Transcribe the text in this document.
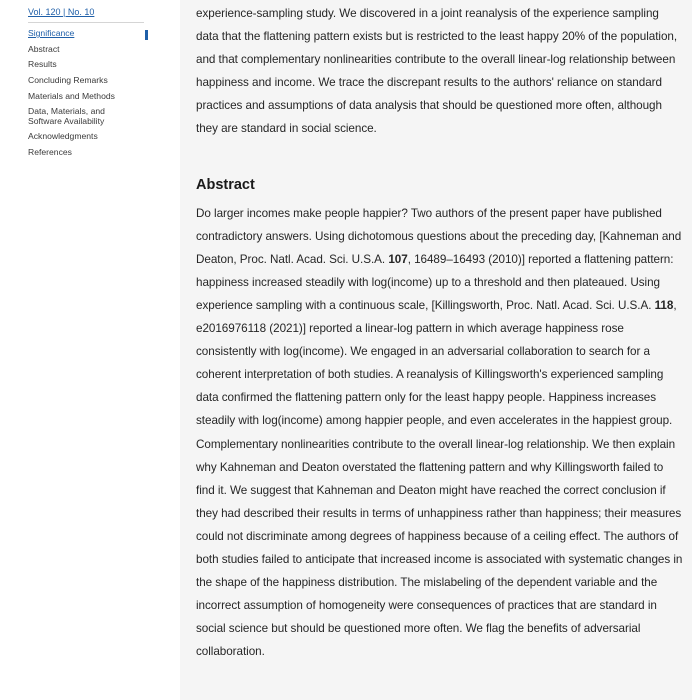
Vol. 120 | No. 10
Significance
Abstract
Results
Concluding Remarks
Materials and Methods
Data, Materials, and Software Availability
Acknowledgments
References

experience-sampling study. We discovered in a joint reanalysis of the experience sampling data that the flattening pattern exists but is restricted to the least happy 20% of the population, and that complementary nonlinearities contribute to the overall linear-log relationship between happiness and income. We trace the discrepant results to the authors' reliance on standard practices and assumptions of data analysis that should be questioned more often, although they are standard in social science.

Abstract

Do larger incomes make people happier? Two authors of the present paper have published contradictory answers. Using dichotomous questions about the preceding day, [Kahneman and Deaton, Proc. Natl. Acad. Sci. U.S.A. 107, 16489–16493 (2010)] reported a flattening pattern: happiness increased steadily with log(income) up to a threshold and then plateaued. Using experience sampling with a continuous scale, [Killingsworth, Proc. Natl. Acad. Sci. U.S.A. 118, e2016976118 (2021)] reported a linear-log pattern in which average happiness rose consistently with log(income). We engaged in an adversarial collaboration to search for a coherent interpretation of both studies. A reanalysis of Killingsworth's experienced sampling data confirmed the flattening pattern only for the least happy people. Happiness increases steadily with log(income) among happier people, and even accelerates in the happiest group. Complementary nonlinearities contribute to the overall linear-log relationship. We then explain why Kahneman and Deaton overstated the flattening pattern and why Killingsworth failed to find it. We suggest that Kahneman and Deaton might have reached the correct conclusion if they had described their results in terms of unhappiness rather than happiness; their measures could not discriminate among degrees of happiness because of a ceiling effect. The authors of both studies failed to anticipate that increased income is associated with systematic changes in the shape of the happiness distribution. The mislabeling of the dependent variable and the incorrect assumption of homogeneity were consequences of practices that are standard in social science but should be questioned more often. We flag the benefits of adversarial collaboration.
